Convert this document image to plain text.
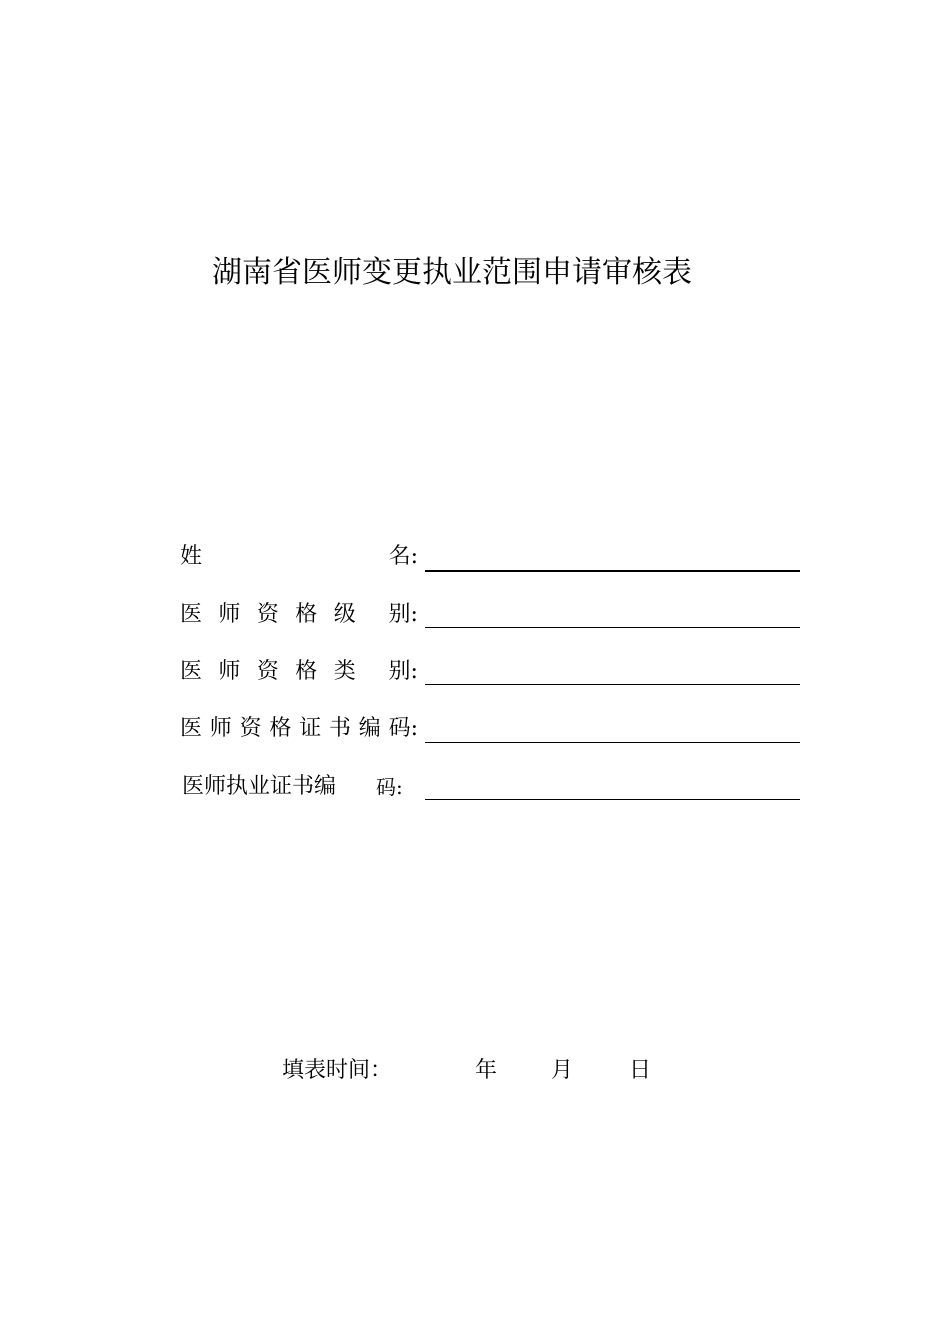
湖南省医师变更执业范围申请审核表
姓	名:
医 师 资 格 级 别:
医 师 资 格 类 别:
医 师 资 格 证 书 编 码:
医师执业证书编 码:
填表时间：	年 月	日
